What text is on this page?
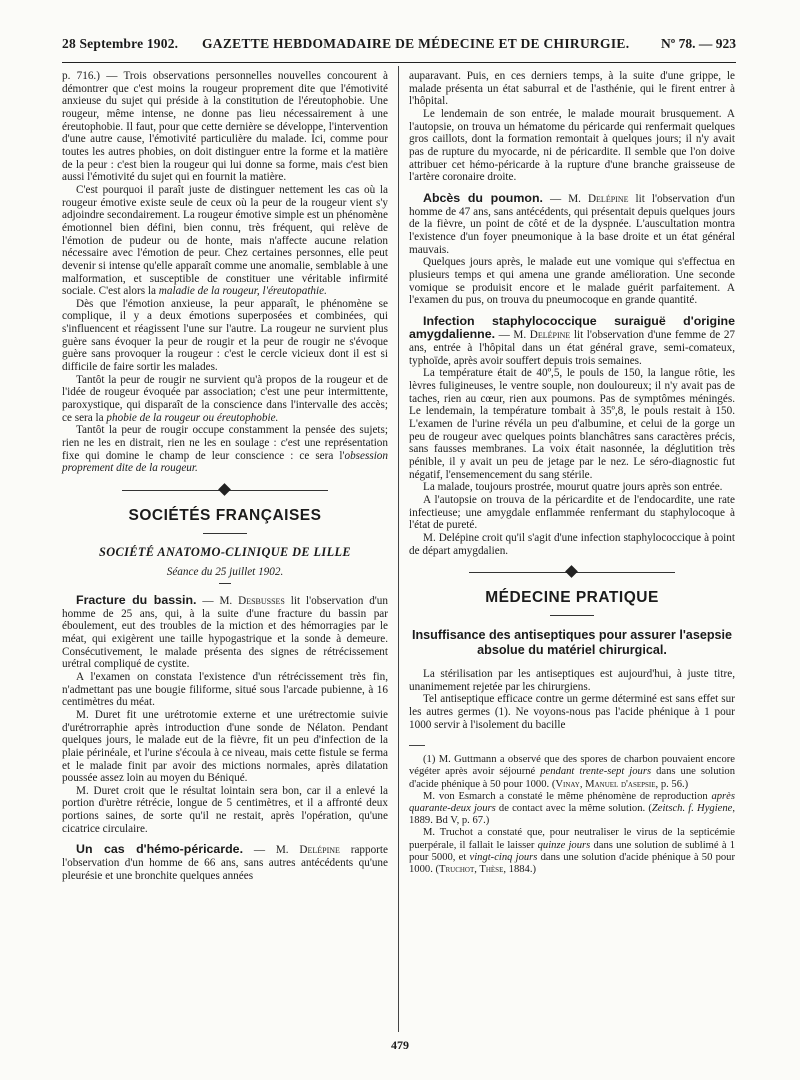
28 Septembre 1902. GAZETTE HEBDOMADAIRE DE MÉDECINE ET DE CHIRURGIE. Nº 78. — 923

p. 716.) — Trois observations personnelles nouvelles concourent à démontrer que c'est moins la rougeur proprement dite que l'émotivité anxieuse du sujet qui préside à la constitution de l'éreutophobie. Une rougeur, même intense, ne donne pas lieu nécessairement à une éreutophobie. Il faut, pour que cette dernière se développe, l'intervention d'une autre cause, l'émotivité particulière du malade. Ici, comme pour toutes les autres phobies, on doit distinguer entre la forme et la matière de la peur : c'est bien la rougeur qui lui donne sa forme, mais c'est bien aussi l'émotivité du sujet qui en fournit la matière.

C'est pourquoi il paraît juste de distinguer nettement les cas où la rougeur émotive existe seule de ceux où la peur de la rougeur vient s'y adjoindre secondairement. La rougeur émotive simple est un phénomène émotionnel bien défini, bien connu, très fréquent, qui relève de l'émotion de pudeur ou de honte, mais n'affecte aucune relation nécessaire avec l'émotion de peur. Chez certaines personnes, elle peut devenir si intense qu'elle apparaît comme une anomalie, semblable à une malformation, et susceptible de constituer une véritable infirmité sociale. C'est alors la maladie de la rougeur, l'éreutopathie.

Dès que l'émotion anxieuse, la peur apparaît, le phénomène se complique, il y a deux émotions superposées et combinées, qui s'influencent et réagissent l'une sur l'autre. La rougeur ne survient plus guère sans évoquer la peur de rougir et la peur de rougir ne s'évoque guère sans provoquer la rougeur : c'est le cercle vicieux dont il est si difficile de faire sortir les malades.

Tantôt la peur de rougir ne survient qu'à propos de la rougeur et de l'idée de rougeur évoquée par association; c'est une peur intermittente, paroxystique, qui disparaît de la conscience dans l'intervalle des accès; ce sera la phobie de la rougeur ou éreutophobie.

Tantôt la peur de rougir occupe constamment la pensée des sujets; rien ne les en distrait, rien ne les en soulage : c'est une représentation fixe qui domine le champ de leur conscience : ce sera l'obsession proprement dite de la rougeur.

SOCIÉTÉS FRANÇAISES
SOCIÉTÉ ANATOMO-CLINIQUE DE LILLE
Séance du 25 juillet 1902.

Fracture du bassin. — M. Desbusses lit l'observation d'un homme de 25 ans, qui, à la suite d'une fracture du bassin par éboulement, eut des troubles de la miction et des hémorragies par le méat, qui exigèrent une taille hypogastrique et la sonde à demeure. Consécutivement, le malade présenta des signes de rétrécissement urétral compliqué de cystite.

A l'examen on constata l'existence d'un rétrécissement très fin, n'admettant pas une bougie filiforme, situé sous l'arcade pubienne, à 16 centimètres du méat.

M. Duret fit une urétrotomie externe et une urétrectomie suivie d'urétrorraphie après introduction d'une sonde de Nélaton. Pendant quelques jours, le malade eut de la fièvre, fit un peu d'infection de la plaie périnéale, et l'urine s'écoula à ce niveau, mais cette fistule se ferma et le malade finit par avoir des mictions normales, après dilatation poussée assez loin au moyen du Béniqué.

M. Duret croit que le résultat lointain sera bon, car il a enlevé la portion d'urètre rétrécie, longue de 5 centimètres, et il a affronté deux portions saines, de sorte qu'il ne restait, après l'opération, qu'une cicatrice circulaire.

Un cas d'hémo-péricarde. — M. Delépine rapporte l'observation d'un homme de 66 ans, sans autres antécédents qu'une pleurésie et une bronchite quelques années

auparavant. Puis, en ces derniers temps, à la suite d'une grippe, le malade présenta un état saburral et de l'asthénie, qui le firent entrer à l'hôpital.

Le lendemain de son entrée, le malade mourait brusquement. A l'autopsie, on trouva un hématome du péricarde qui renfermait quelques gros caillots, dont la formation remontait à quelques jours; il n'y avait pas de rupture du myocarde, ni de péricardite. Il semble que l'on doive attribuer cet hémo-péricarde à la rupture d'une branche graisseuse de l'artère coronaire droite.

Abcès du poumon. — M. Delépine lit l'observation d'un homme de 47 ans, sans antécédents, qui présentait depuis quelques jours de la fièvre, un point de côté et de la dyspnée. L'auscultation montra l'existence d'un foyer pneumonique à la base droite et un état général mauvais.

Quelques jours après, le malade eut une vomique qui s'effectua en plusieurs temps et qui amena une grande amélioration. Une seconde vomique se produisit encore et le malade guérit parfaitement. A l'examen du pus, on trouva du pneumocoque en grande quantité.

Infection staphylococcique suraiguë d'origine amygdalienne. — M. Delépine lit l'observation d'une femme de 27 ans, entrée à l'hôpital dans un état général grave, semi-comateux, typhoïde, après avoir souffert depuis trois semaines.

La température était de 40º,5, le pouls de 150, la langue rôtie, les lèvres fuligineuses, le ventre souple, non douloureux; il n'y avait pas de taches, rien au cœur, rien aux poumons. Pas de symptômes méningés. Le lendemain, la température tombait à 35º,8, le pouls restait à 150. L'examen de l'urine révéla un peu d'albumine, et celui de la gorge un peu de rougeur avec quelques points blanchâtres sans caractères précis, sans fausses membranes. La voix était nasonnée, la déglutition très pénible, il y avait un peu de jetage par le nez. Le séro-diagnostic fut négatif, l'ensemencement du sang stérile.

La malade, toujours prostrée, mourut quatre jours après son entrée.

A l'autopsie on trouva de la péricardite et de l'endocardite, une rate infectieuse; une amygdale enflammée renfermant du staphylocoque à l'état de pureté.

M. Delépine croit qu'il s'agit d'une infection staphylococcique à point de départ amygdalien.

MÉDECINE PRATIQUE
Insuffisance des antiseptiques pour assurer l'asepsie absolue du matériel chirurgical.

La stérilisation par les antiseptiques est aujourd'hui, à juste titre, unanimement rejetée par les chirurgiens.

Tel antiseptique efficace contre un germe déterminé est sans effet sur les autres germes (1). Ne voyons-nous pas l'acide phénique à 1 pour 1000 servir à l'isolement du bacille

(1) M. Guttmann a observé que des spores de charbon pouvaient encore végéter après avoir séjourné pendant trente-sept jours dans une solution d'acide phénique à 50 pour 1000. (Vinay, Manuel d'asepsie, p. 56.)

M. von Esmarch a constaté le même phénomène de reproduction après quarante-deux jours de contact avec la même solution. (Zeitsch. f. Hygiene, 1889. Bd V, p. 67.)

M. Truchot a constaté que, pour neutraliser le virus de la septicémie puerpérale, il fallait le laisser quinze jours dans une solution de sublimé à 1 pour 5000, et vingt-cinq jours dans une solution d'acide phénique à 50 pour 1000. (Truchot, Thèse, 1884.)

479
